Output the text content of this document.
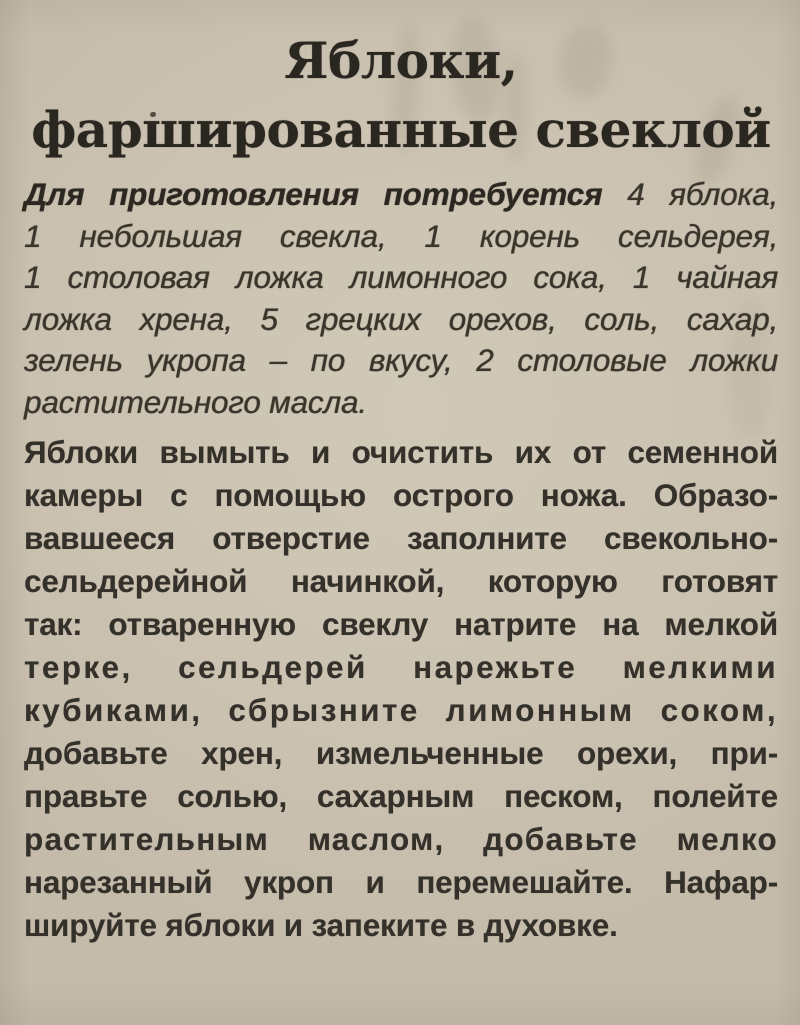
Яблоки,
фаршированные свеклой
Для приготовления потребуется 4 яблока,
1 небольшая свекла, 1 корень сельдерея,
1 столовая ложка лимонного сока, 1 чайная
ложка хрена, 5 грецких орехов, соль, сахар,
зелень укропа – по вкусу, 2 столовые ложки
растительного масла.
Яблоки вымыть и очистить их от семенной
камеры с помощью острого ножа. Образо-
вавшееся отверстие заполните свекольно-
сельдерейной начинкой, которую готовят
так: отваренную свеклу натрите на мелкой
терке, сельдерей нарежьте мелкими
кубиками, сбрызните лимонным соком,
добавьте хрен, измельченные орехи, при-
правьте солью, сахарным песком, полейте
растительным маслом, добавьте мелко
нарезанный укроп и перемешайте. Нафар-
шируйте яблоки и запеките в духовке.
